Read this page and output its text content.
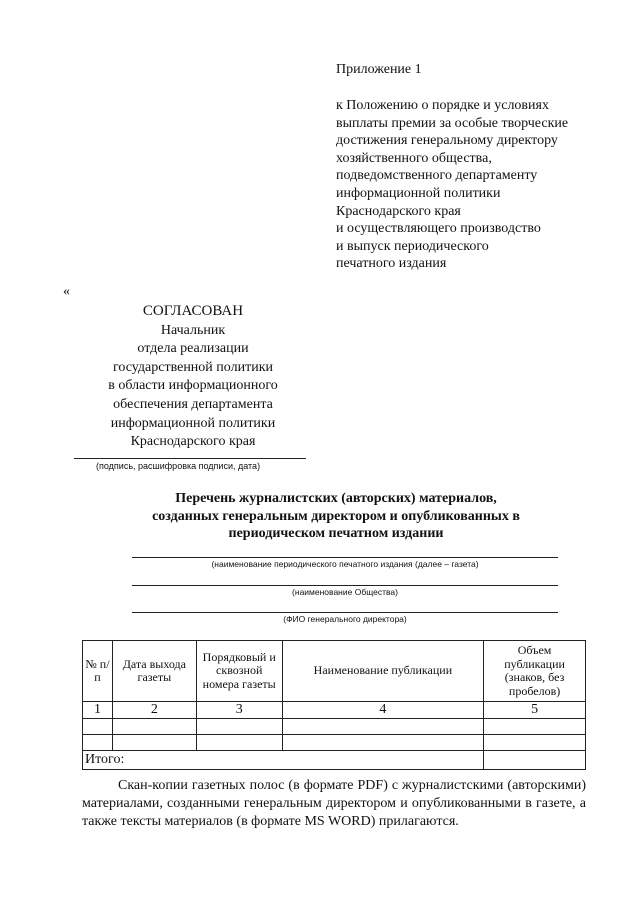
Приложение 1
к Положению о порядке и условиях
выплаты премии за особые творческие
достижения генеральному директору
хозяйственного общества,
подведомственного департаменту
информационной политики
Краснодарского края
и осуществляющего производство
и выпуск периодического
печатного издания
«
СОГЛАСОВАН
Начальник
отдела реализации
государственной политики
в области информационного
обеспечения департамента
информационной политики
Краснодарского края
(подпись, расшифровка подписи, дата)
Перечень журналистских (авторских) материалов,
созданных генеральным директором и опубликованных в
периодическом печатном издании
(наименование периодического печатного издания (далее – газета)
(наименование Общества)
(ФИО генерального директора)
№ п/п	Дата выхода газеты	Порядковый и сквозной номера газеты	Наименование публикации	Объем публикации (знаков, без пробелов)
1	2	3	4	5

Итого:				

Скан-копии газетных полос (в формате PDF) с журналистскими (авторскими) материалами, созданными генеральным директором и опубликованными в газете, а также тексты материалов (в формате MS WORD) прилагаются.
